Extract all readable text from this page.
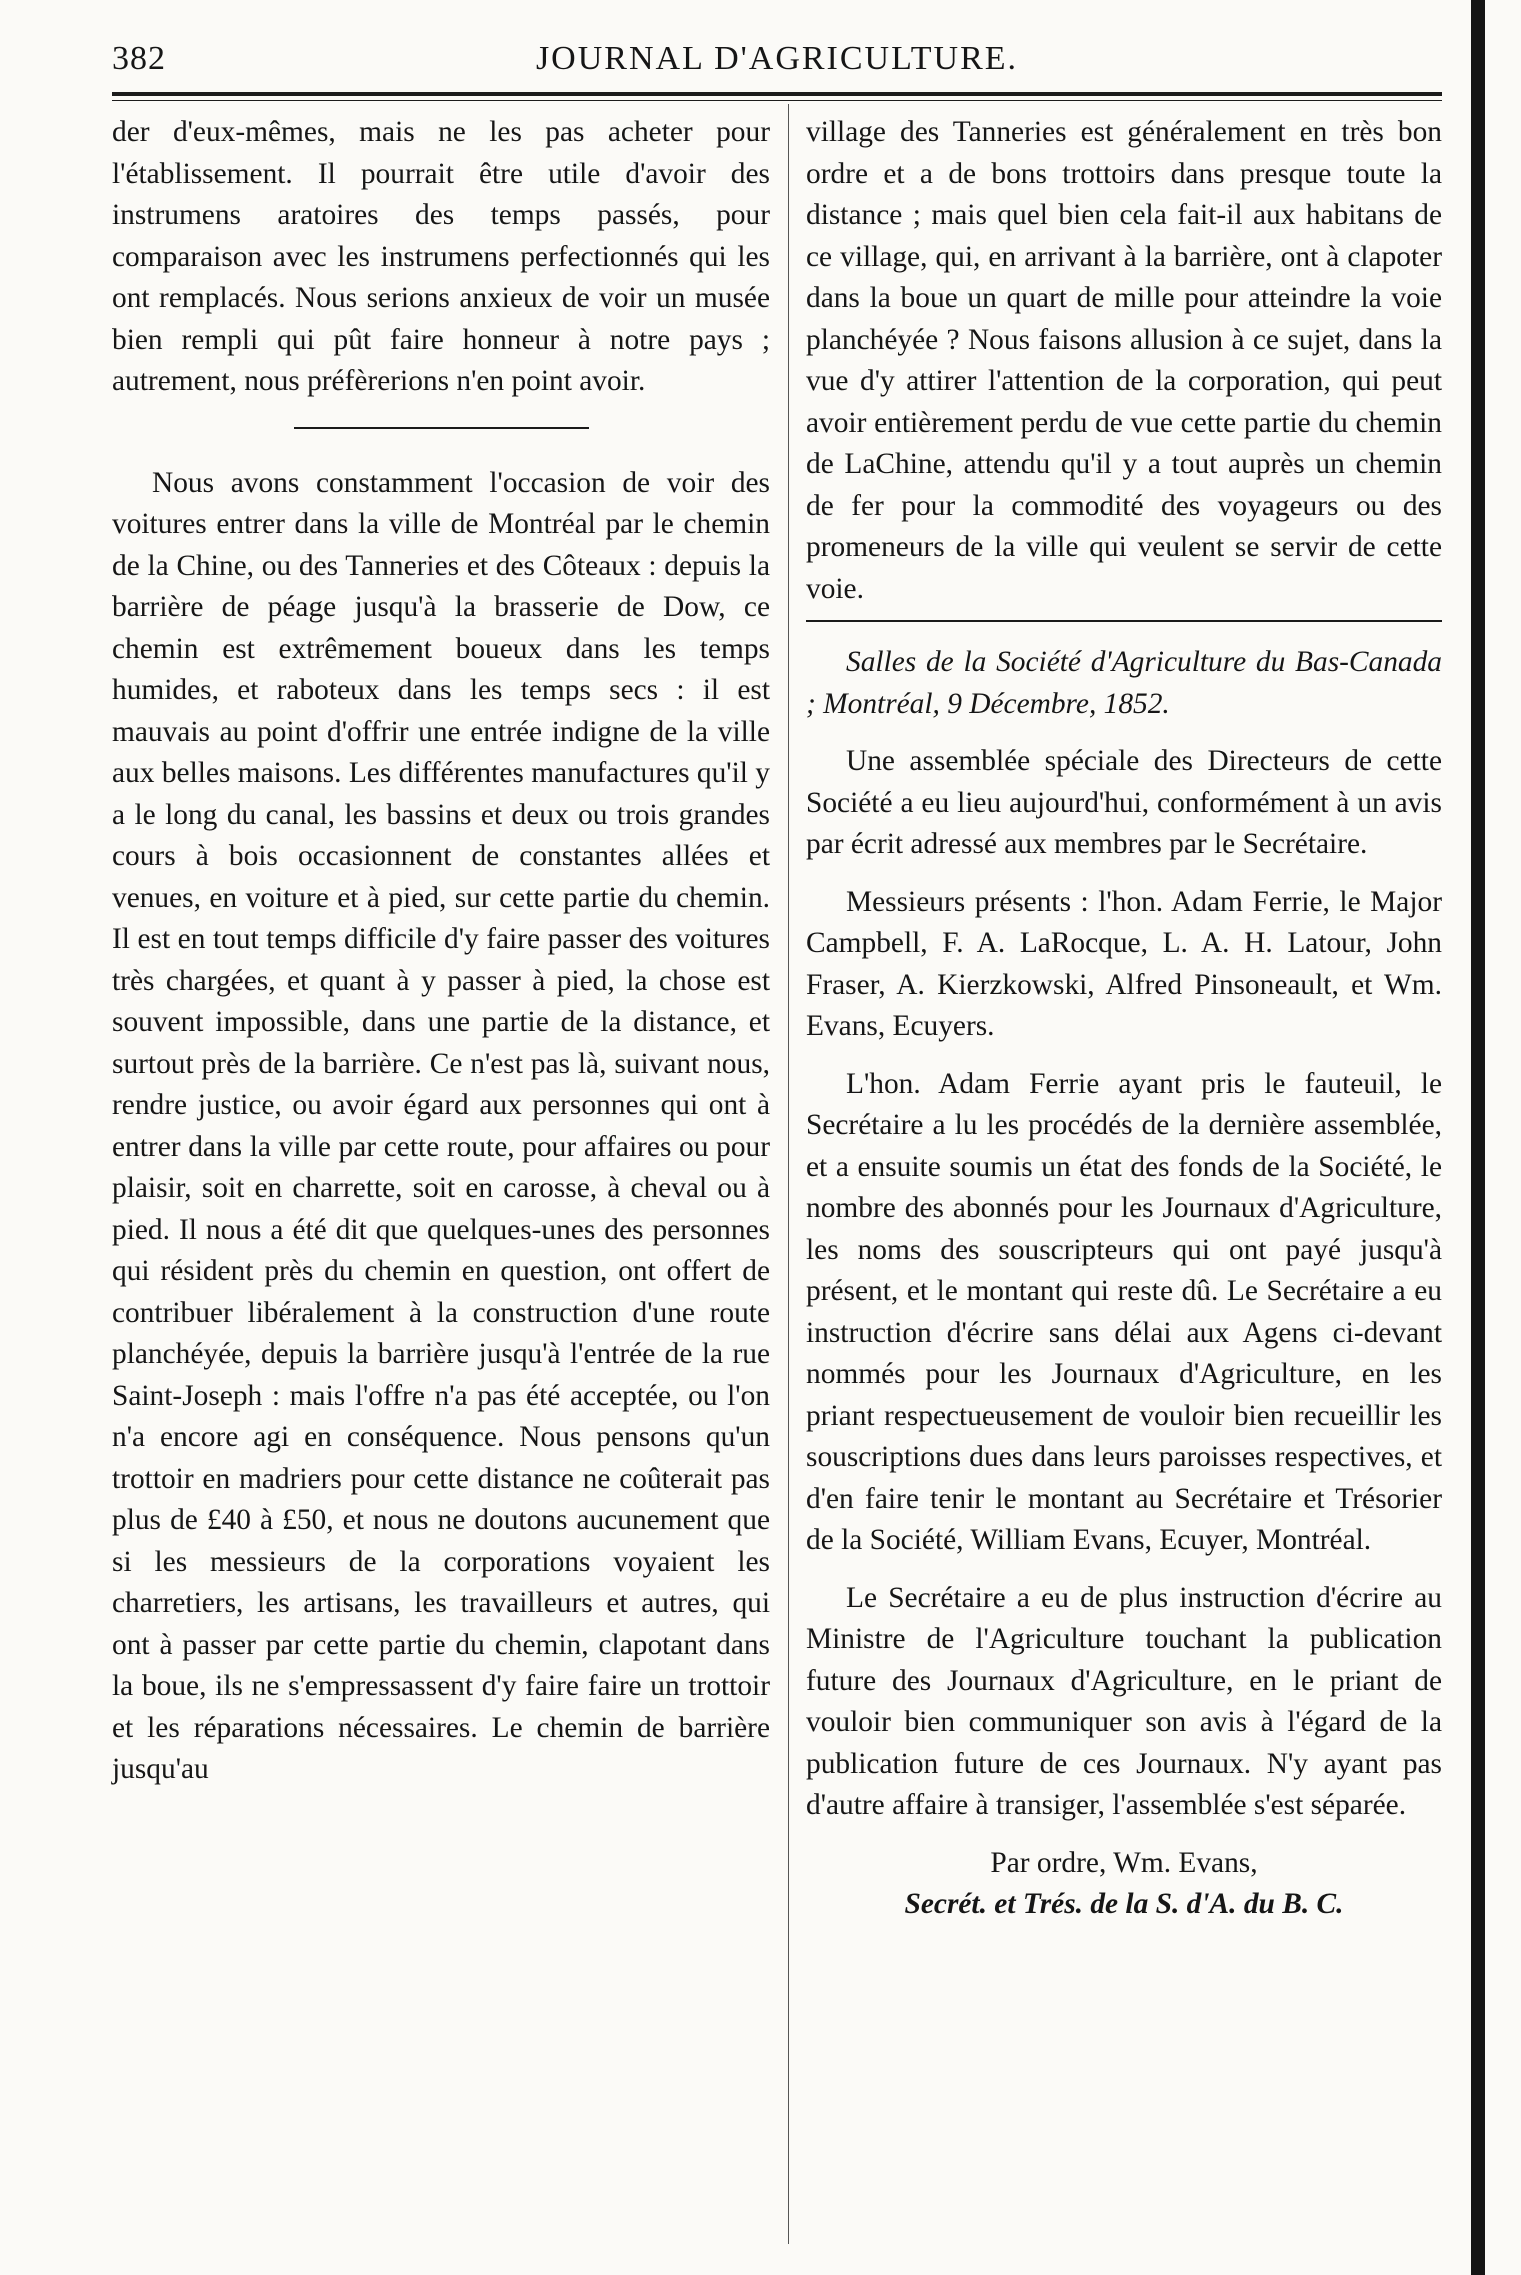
382	JOURNAL D'AGRICULTURE.

der d'eux-mêmes, mais ne les pas acheter pour l'établissement. Il pourrait être utile d'avoir des instrumens aratoires des temps passés, pour comparaison avec les instrumens perfectionnés qui les ont remplacés. Nous serions anxieux de voir un musée bien rempli qui pût faire honneur à notre pays ; autrement, nous préfèrerions n'en point avoir.

Nous avons constamment l'occasion de voir des voitures entrer dans la ville de Montréal par le chemin de la Chine, ou des Tanneries et des Côteaux : depuis la barrière de péage jusqu'à la brasserie de Dow, ce chemin est extrêmement boueux dans les temps humides, et raboteux dans les temps secs : il est mauvais au point d'offrir une entrée indigne de la ville aux belles maisons. Les différentes manufactures qu'il y a le long du canal, les bassins et deux ou trois grandes cours à bois occasionnent de constantes allées et venues, en voiture et à pied, sur cette partie du chemin. Il est en tout temps difficile d'y faire passer des voitures très chargées, et quant à y passer à pied, la chose est souvent impossible, dans une partie de la distance, et surtout près de la barrière. Ce n'est pas là, suivant nous, rendre justice, ou avoir égard aux personnes qui ont à entrer dans la ville par cette route, pour affaires ou pour plaisir, soit en charrette, soit en carosse, à cheval ou à pied. Il nous a été dit que quelques-unes des personnes qui résident près du chemin en question, ont offert de contribuer libéralement à la construction d'une route planchéyée, depuis la barrière jusqu'à l'entrée de la rue Saint-Joseph : mais l'offre n'a pas été acceptée, ou l'on n'a encore agi en conséquence. Nous pensons qu'un trottoir en madriers pour cette distance ne coûterait pas plus de £40 à £50, et nous ne doutons aucunement que si les messieurs de la corporations voyaient les charretiers, les artisans, les travailleurs et autres, qui ont à passer par cette partie du chemin, clapotant dans la boue, ils ne s'empressassent d'y faire faire un trottoir et les réparations nécessaires. Le chemin de barrière jusqu'au

village des Tanneries est généralement en très bon ordre et a de bons trottoirs dans presque toute la distance ; mais quel bien cela fait-il aux habitans de ce village, qui, en arrivant à la barrière, ont à clapoter dans la boue un quart de mille pour atteindre la voie planchéyée ? Nous faisons allusion à ce sujet, dans la vue d'y attirer l'attention de la corporation, qui peut avoir entièrement perdu de vue cette partie du chemin de LaChine, attendu qu'il y a tout auprès un chemin de fer pour la commodité des voyageurs ou des promeneurs de la ville qui veulent se servir de cette voie.

Salles de la Société d'Agriculture du Bas-Canada ; Montréal, 9 Décembre, 1852.

Une assemblée spéciale des Directeurs de cette Société a eu lieu aujourd'hui, conformément à un avis par écrit adressé aux membres par le Secrétaire.

Messieurs présents : l'hon. Adam Ferrie, le Major Campbell, F. A. LaRocque, L. A. H. Latour, John Fraser, A. Kierzkowski, Alfred Pinsoneault, et Wm. Evans, Ecuyers.

L'hon. Adam Ferrie ayant pris le fauteuil, le Secrétaire a lu les procédés de la dernière assemblée, et a ensuite soumis un état des fonds de la Société, le nombre des abonnés pour les Journaux d'Agriculture, les noms des souscripteurs qui ont payé jusqu'à présent, et le montant qui reste dû. Le Secrétaire a eu instruction d'écrire sans délai aux Agens ci-devant nommés pour les Journaux d'Agriculture, en les priant respectueusement de vouloir bien recueillir les souscriptions dues dans leurs paroisses respectives, et d'en faire tenir le montant au Secrétaire et Trésorier de la Société, William Evans, Ecuyer, Montréal.

Le Secrétaire a eu de plus instruction d'écrire au Ministre de l'Agriculture touchant la publication future des Journaux d'Agriculture, en le priant de vouloir bien communiquer son avis à l'égard de la publication future de ces Journaux. N'y ayant pas d'autre affaire à transiger, l'assemblée s'est séparée.

Par ordre, Wm. Evans,

Secrét. et Trés. de la S. d'A. du B. C.
